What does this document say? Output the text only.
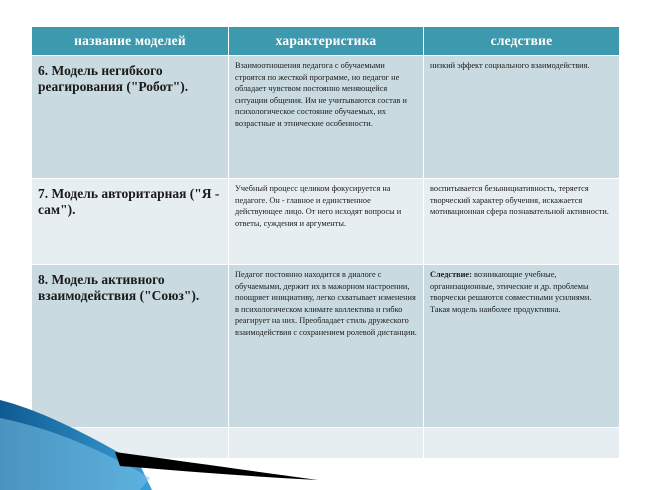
название моделей	характеристика	следствие

6. Модель негибкого реагирования ("Робот").	Взаимоотношения педагога с обучаемыми строятся по жесткой программе, но педагог не обладает чувством постоянно меняющейся ситуации общения. Им не учитываются состав и психологическое состояние обучаемых, их возрастные и этнические особенности.	низкий эффект социального взаимодействия.

7. Модель авторитарная ("Я - сам").	Учебный процесс целиком фокусируется на педагоге. Он - главное и единственное действующее лицо. От него исходят вопросы и ответы, суждения и аргументы.	воспитывается безынициативность, теряется творческий характер обучения, искажается мотивационная сфера познавательной активности.

8. Модель активного взаимодействия ("Союз").	Педагог постоянно находится в диалоге с обучаемыми, держит их в мажорном настроении, поощряет инициативу, легко схватывает изменения в психологическом климате коллектива и гибко реагирует на них. Преобладает стиль дружеского взаимодействия с сохранением ролевой дистанции.	Следствие: возникающие учебные, организационные, этические и др. проблемы творчески решаются совместными усилиями. Такая модель наиболее продуктивна.
